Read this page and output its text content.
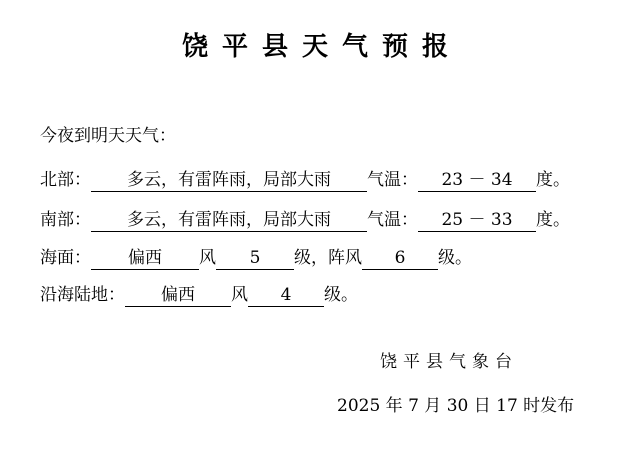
饶平县天气预报
今夜到明天天气：
北部： 多云，有雷阵雨，局部大雨 气温： 23 － 34 度。
南部： 多云，有雷阵雨，局部大雨 气温： 25 － 33 度。
海面： 偏西 风 5 级，阵风 6 级。
沿海陆地： 偏西 风 4 级。
饶平县气象台
2025 年 7 月 30 日 17 时发布
